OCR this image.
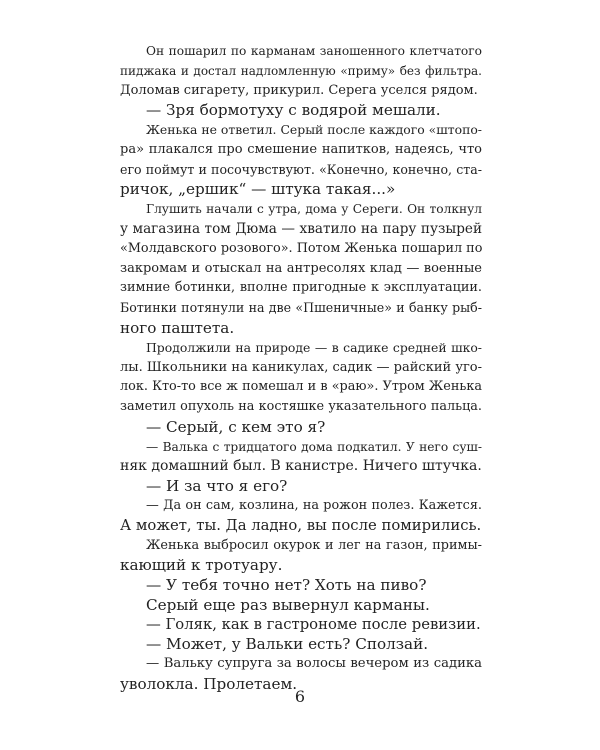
Он пошарил по карманам заношенного клетчатого
пиджака и достал надломленную «приму» без фильтра.
Доломав сигарету, прикурил. Серега уселся рядом.
— Зря бормотуху с водярой мешали.
Женька не ответил. Серый после каждого «штопо-
ра» плакался про смешение напитков, надеясь, что
его поймут и посочувствуют. «Конечно, конечно, ста-
ричок, „ершик“ — штука такая...»
Глушить начали с утра, дома у Сереги. Он толкнул
у магазина том Дюма — хватило на пару пузырей
«Молдавского розового». Потом Женька пошарил по
закромам и отыскал на антресолях клад — военные
зимние ботинки, вполне пригодные к эксплуатации.
Ботинки потянули на две «Пшеничные» и банку рыб-
ного паштета.
Продолжили на природе — в садике средней шко-
лы. Школьники на каникулах, садик — райский уго-
лок. Кто-то все ж помешал и в «раю». Утром Женька
заметил опухоль на костяшке указательного пальца.
— Серый, с кем это я?
— Валька с тридцатого дома подкатил. У него суш-
няк домашний был. В канистре. Ничего штучка.
— И за что я его?
— Да он сам, козлина, на рожон полез. Кажется.
А может, ты. Да ладно, вы после помирились.
Женька выбросил окурок и лег на газон, примы-
кающий к тротуару.
— У тебя точно нет? Хоть на пиво?
Серый еще раз вывернул карманы.
— Голяк, как в гастрономе после ревизии.
— Может, у Вальки есть? Сползай.
— Вальку супруга за волосы вечером из садика
уволокла. Пролетаем.
6
